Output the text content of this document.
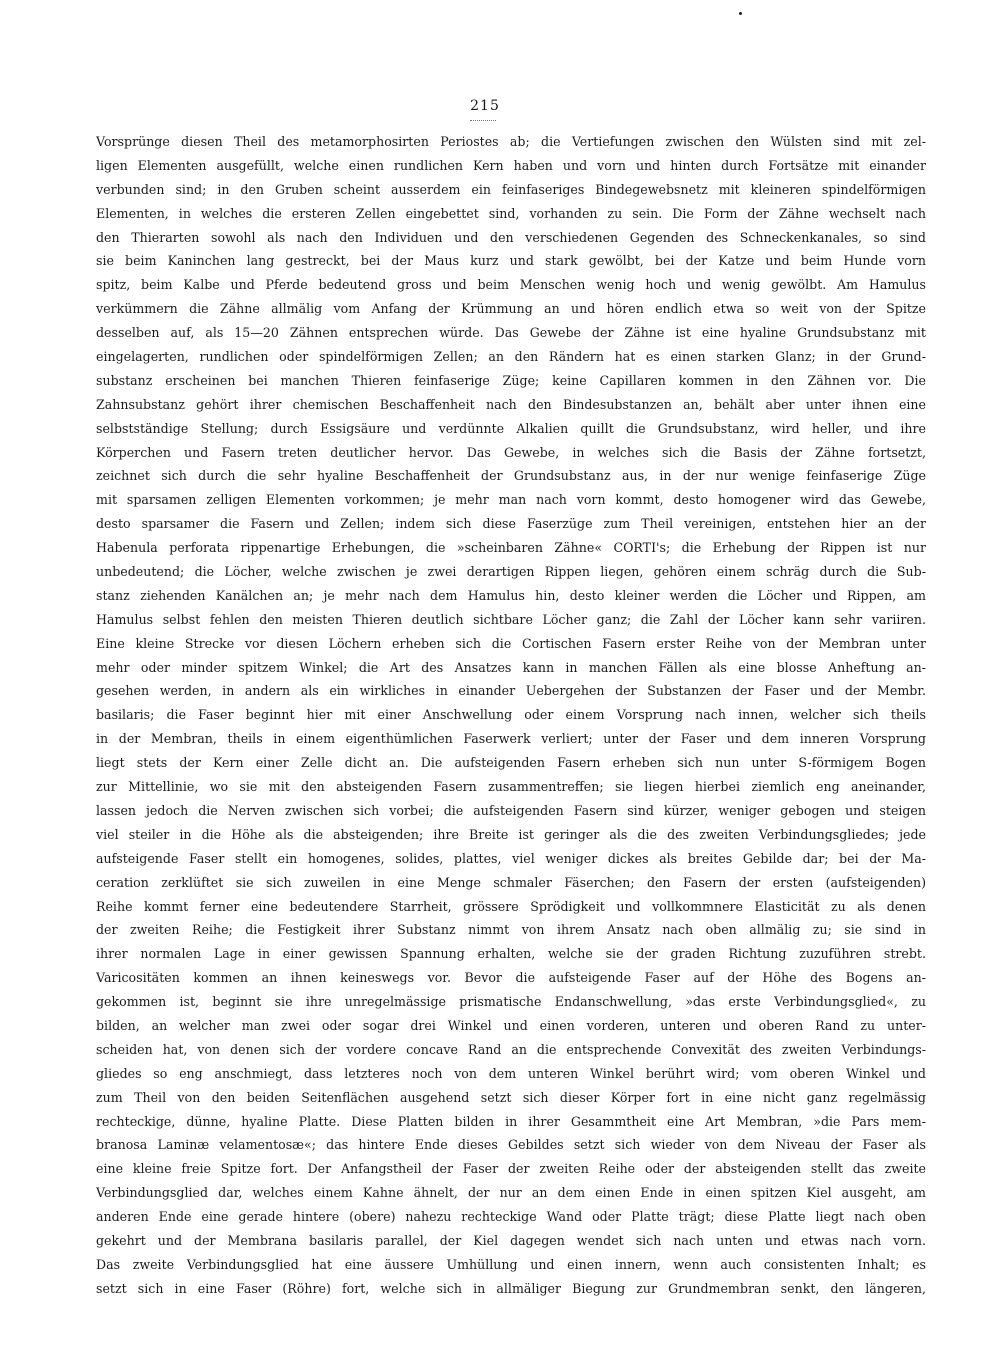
215
Vorsprünge diesen Theil des metamorphosirten Periostes ab; die Vertiefungen zwischen den Wülsten sind mit zel-
ligen Elementen ausgefüllt, welche einen rundlichen Kern haben und vorn und hinten durch Fortsätze mit einander
verbunden sind; in den Gruben scheint ausserdem ein feinfaseriges Bindegewebsnetz mit kleineren spindelförmigen
Elementen, in welches die ersteren Zellen eingebettet sind, vorhanden zu sein. Die Form der Zähne wechselt nach
den Thierarten sowohl als nach den Individuen und den verschiedenen Gegenden des Schneckenkanales, so sind
sie beim Kaninchen lang gestreckt, bei der Maus kurz und stark gewölbt, bei der Katze und beim Hunde vorn
spitz, beim Kalbe und Pferde bedeutend gross und beim Menschen wenig hoch und wenig gewölbt. Am Hamulus
verkümmern die Zähne allmälig vom Anfang der Krümmung an und hören endlich etwa so weit von der Spitze
desselben auf, als 15—20 Zähnen entsprechen würde. Das Gewebe der Zähne ist eine hyaline Grundsubstanz mit
eingelagerten, rundlichen oder spindelförmigen Zellen; an den Rändern hat es einen starken Glanz; in der Grund-
substanz erscheinen bei manchen Thieren feinfaserige Züge; keine Capillaren kommen in den Zähnen vor. Die
Zahnsubstanz gehört ihrer chemischen Beschaffenheit nach den Bindesubstanzen an, behält aber unter ihnen eine
selbstständige Stellung; durch Essigsäure und verdünnte Alkalien quillt die Grundsubstanz, wird heller, und ihre
Körperchen und Fasern treten deutlicher hervor. Das Gewebe, in welches sich die Basis der Zähne fortsetzt,
zeichnet sich durch die sehr hyaline Beschaffenheit der Grundsubstanz aus, in der nur wenige feinfaserige Züge
mit sparsamen zelligen Elementen vorkommen; je mehr man nach vorn kommt, desto homogener wird das Gewebe,
desto sparsamer die Fasern und Zellen; indem sich diese Faserzüge zum Theil vereinigen, entstehen hier an der
Habenula perforata rippenartige Erhebungen, die »scheinbaren Zähne« CORTI's; die Erhebung der Rippen ist nur
unbedeutend; die Löcher, welche zwischen je zwei derartigen Rippen liegen, gehören einem schräg durch die Sub-
stanz ziehenden Kanälchen an; je mehr nach dem Hamulus hin, desto kleiner werden die Löcher und Rippen, am
Hamulus selbst fehlen den meisten Thieren deutlich sichtbare Löcher ganz; die Zahl der Löcher kann sehr variiren.
Eine kleine Strecke vor diesen Löchern erheben sich die Cortischen Fasern erster Reihe von der Membran unter
mehr oder minder spitzem Winkel; die Art des Ansatzes kann in manchen Fällen als eine blosse Anheftung an-
gesehen werden, in andern als ein wirkliches in einander Uebergehen der Substanzen der Faser und der Membr.
basilaris; die Faser beginnt hier mit einer Anschwellung oder einem Vorsprung nach innen, welcher sich theils
in der Membran, theils in einem eigenthümlichen Faserwerk verliert; unter der Faser und dem inneren Vorsprung
liegt stets der Kern einer Zelle dicht an. Die aufsteigenden Fasern erheben sich nun unter S-förmigem Bogen
zur Mittellinie, wo sie mit den absteigenden Fasern zusammentreffen; sie liegen hierbei ziemlich eng aneinander,
lassen jedoch die Nerven zwischen sich vorbei; die aufsteigenden Fasern sind kürzer, weniger gebogen und steigen
viel steiler in die Höhe als die absteigenden; ihre Breite ist geringer als die des zweiten Verbindungsgliedes; jede
aufsteigende Faser stellt ein homogenes, solides, plattes, viel weniger dickes als breites Gebilde dar; bei der Ma-
ceration zerklüftet sie sich zuweilen in eine Menge schmaler Fäserchen; den Fasern der ersten (aufsteigenden)
Reihe kommt ferner eine bedeutendere Starrheit, grössere Sprödigkeit und vollkommnere Elasticität zu als denen
der zweiten Reihe; die Festigkeit ihrer Substanz nimmt von ihrem Ansatz nach oben allmälig zu; sie sind in
ihrer normalen Lage in einer gewissen Spannung erhalten, welche sie der graden Richtung zuzuführen strebt.
Varicositäten kommen an ihnen keineswegs vor. Bevor die aufsteigende Faser auf der Höhe des Bogens an-
gekommen ist, beginnt sie ihre unregelmässige prismatische Endanschwellung, »das erste Verbindungsglied«, zu
bilden, an welcher man zwei oder sogar drei Winkel und einen vorderen, unteren und oberen Rand zu unter-
scheiden hat, von denen sich der vordere concave Rand an die entsprechende Convexität des zweiten Verbindungs-
gliedes so eng anschmiegt, dass letzteres noch von dem unteren Winkel berührt wird; vom oberen Winkel und
zum Theil von den beiden Seitenflächen ausgehend setzt sich dieser Körper fort in eine nicht ganz regelmässig
rechteckige, dünne, hyaline Platte. Diese Platten bilden in ihrer Gesammtheit eine Art Membran, »die Pars mem-
branosa Laminæ velamentosæ«; das hintere Ende dieses Gebildes setzt sich wieder von dem Niveau der Faser als
eine kleine freie Spitze fort. Der Anfangstheil der Faser der zweiten Reihe oder der absteigenden stellt das zweite
Verbindungsglied dar, welches einem Kahne ähnelt, der nur an dem einen Ende in einen spitzen Kiel ausgeht, am
anderen Ende eine gerade hintere (obere) nahezu rechteckige Wand oder Platte trägt; diese Platte liegt nach oben
gekehrt und der Membrana basilaris parallel, der Kiel dagegen wendet sich nach unten und etwas nach vorn.
Das zweite Verbindungsglied hat eine äussere Umhüllung und einen innern, wenn auch consistenten Inhalt; es
setzt sich in eine Faser (Röhre) fort, welche sich in allmäliger Biegung zur Grundmembran senkt, den längeren,
